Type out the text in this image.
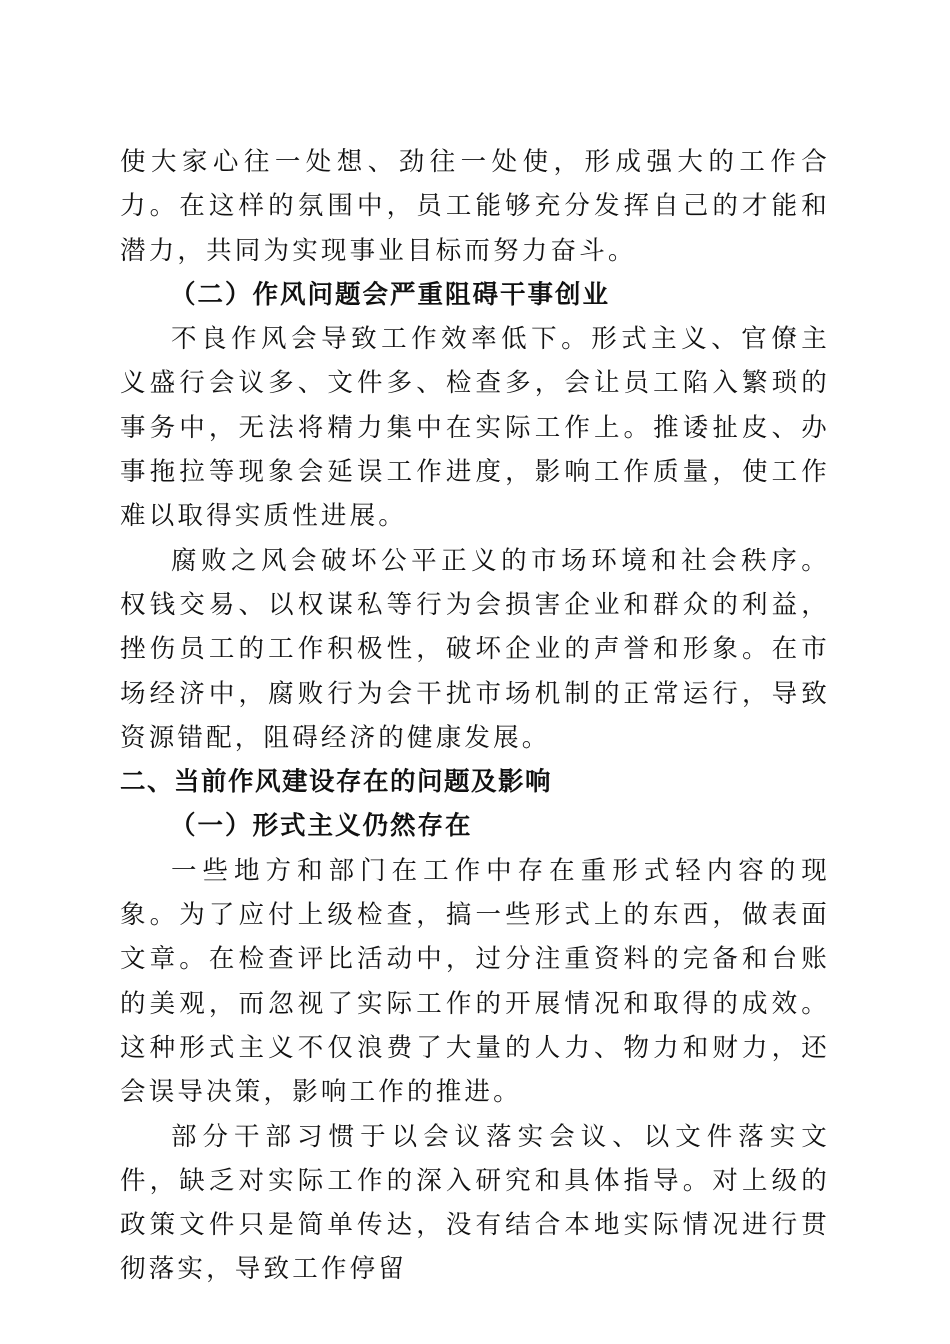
使大家心往一处想、劲往一处使，形成强大的工作合力。在这样的氛围中，员工能够充分发挥自己的才能和潜力，共同为实现事业目标而努力奋斗。

（二）作风问题会严重阻碍干事创业

不良作风会导致工作效率低下。形式主义、官僚主义盛行会议多、文件多、检查多，会让员工陷入繁琐的事务中，无法将精力集中在实际工作上。推诿扯皮、办事拖拉等现象会延误工作进度，影响工作质量，使工作难以取得实质性进展。

腐败之风会破坏公平正义的市场环境和社会秩序。权钱交易、以权谋私等行为会损害企业和群众的利益，挫伤员工的工作积极性，破坏企业的声誉和形象。在市场经济中，腐败行为会干扰市场机制的正常运行，导致资源错配，阻碍经济的健康发展。

二、当前作风建设存在的问题及影响

（一）形式主义仍然存在

一些地方和部门在工作中存在重形式轻内容的现象。为了应付上级检查，搞一些形式上的东西，做表面文章。在检查评比活动中，过分注重资料的完备和台账的美观，而忽视了实际工作的开展情况和取得的成效。这种形式主义不仅浪费了大量的人力、物力和财力，还会误导决策，影响工作的推进。

部分干部习惯于以会议落实会议、以文件落实文件，缺乏对实际工作的深入研究和具体指导。对上级的政策文件只是简单传达，没有结合本地实际情况进行贯彻落实，导致工作停留
